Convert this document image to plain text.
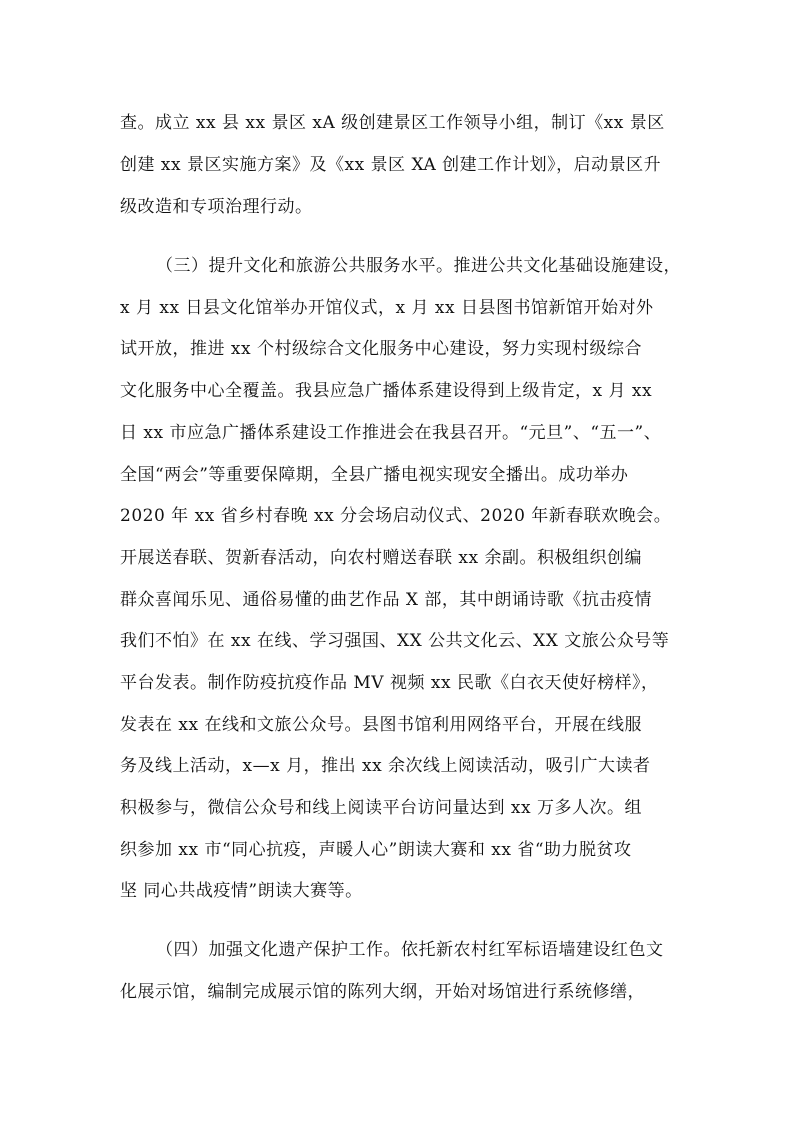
查。成立 xx 县 xx 景区 xA 级创建景区工作领导小组，制订《xx 景区
创建 xx 景区实施方案》及《xx 景区 XA 创建工作计划》，启动景区升
级改造和专项治理行动。
（三）提升文化和旅游公共服务水平。推进公共文化基础设施建设，
x 月 xx 日县文化馆举办开馆仪式，x 月 xx 日县图书馆新馆开始对外
试开放，推进 xx 个村级综合文化服务中心建设，努力实现村级综合
文化服务中心全覆盖。我县应急广播体系建设得到上级肯定，x 月 xx
日 xx 市应急广播体系建设工作推进会在我县召开。“元旦”、“五一”、
全国“两会”等重要保障期，全县广播电视实现安全播出。成功举办
2020 年 xx 省乡村春晚 xx 分会场启动仪式、2020 年新春联欢晚会。
开展送春联、贺新春活动，向农村赠送春联 xx 余副。积极组织创编
群众喜闻乐见、通俗易懂的曲艺作品 X 部，其中朗诵诗歌《抗击疫情
我们不怕》在 xx 在线、学习强国、XX 公共文化云、XX 文旅公众号等
平台发表。制作防疫抗疫作品 MV 视频 xx 民歌《白衣天使好榜样》，
发表在 xx 在线和文旅公众号。县图书馆利用网络平台，开展在线服
务及线上活动，x—x 月，推出 xx 余次线上阅读活动，吸引广大读者
积极参与，微信公众号和线上阅读平台访问量达到 xx 万多人次。组
织参加 xx 市“同心抗疫，声暖人心”朗读大赛和 xx 省“助力脱贫攻
坚 同心共战疫情”朗读大赛等。
（四）加强文化遗产保护工作。依托新农村红军标语墙建设红色文
化展示馆，编制完成展示馆的陈列大纲，开始对场馆进行系统修缮，
